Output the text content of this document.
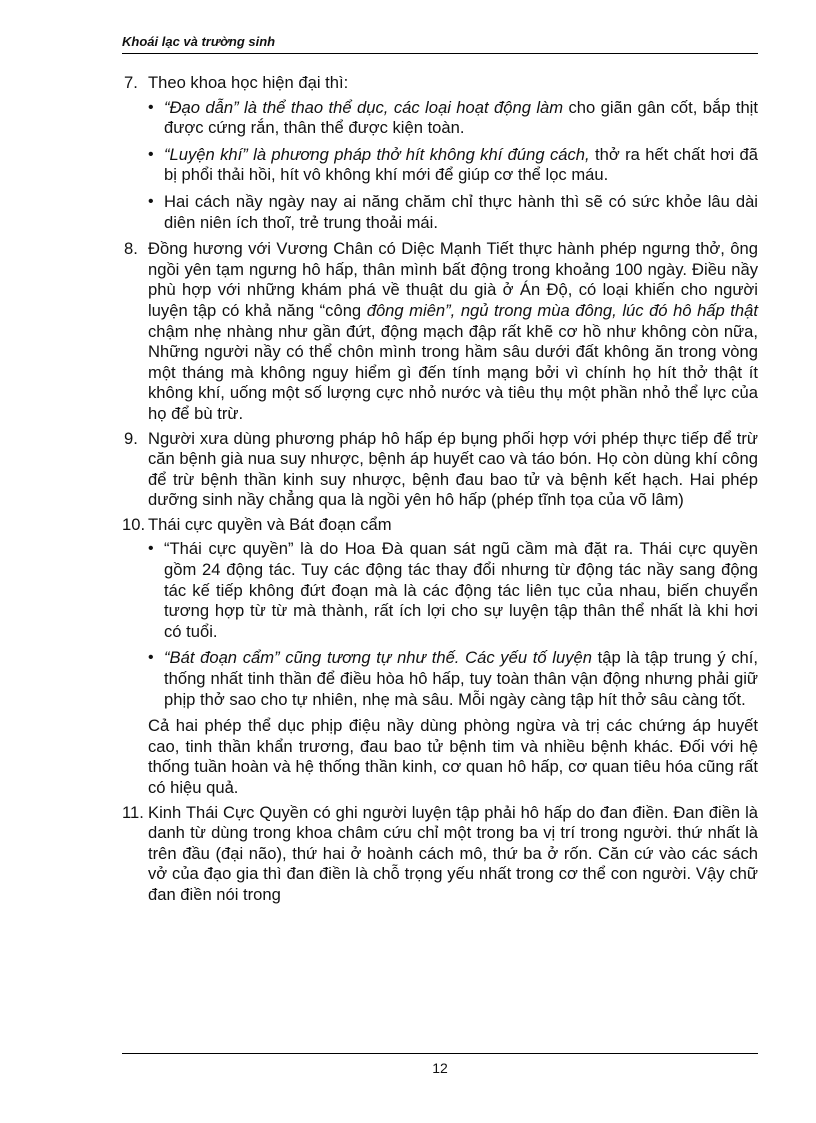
Khoái lạc và trường sinh
7. Theo khoa học hiện đại thì:
• “Đạo dẫn” là thể thao thể dục, các loại hoạt động làm cho giãn gân cốt, bắp thịt được cứng rắn, thân thể được kiện toàn.
• “Luyện khí” là phương pháp thở hít không khí đúng cách, thở ra hết chất hơi đã bị phổi thải hồi, hít vô không khí mới để giúp cơ thể lọc máu.
• Hai cách nầy ngày nay ai năng chăm chỉ thực hành thì sẽ có sức khỏe lâu dài diên niên ích thoĩ, trẻ trung thoải mái.
8. Đồng hương với Vương Chân có Diệc Mạnh Tiết thực hành phép ngưng thở, ông ngồi yên tạm ngưng hô hấp, thân mình bất động trong khoảng 100 ngày. Điều nầy phù hợp với những khám phá về thuật du già ở Án Độ, có loại khiến cho người luyện tập có khả năng “công đông miên”, ngủ trong mùa đông, lúc đó hô hấp thật chậm nhẹ nhàng như gần đứt, động mạch đập rất khẽ cơ hồ như không còn nữa, Những người nầy có thể chôn mình trong hầm sâu dưới đất không ăn trong vòng một tháng mà không nguy hiểm gì đến tính mạng bởi vì chính họ hít thở thật ít không khí, uống một số lượng cực nhỏ nước và tiêu thụ một phần nhỏ thể lực của họ để bù trừ.
9. Người xưa dùng phương pháp hô hấp ép bụng phối hợp với phép thực tiếp để trừ căn bệnh già nua suy nhược, bệnh áp huyết cao và táo bón. Họ còn dùng khí công để trừ bệnh thần kinh suy nhược, bệnh đau bao tử và bệnh kết hạch. Hai phép dưỡng sinh nầy chẳng qua là ngồi yên hô hấp (phép tĩnh tọa của võ lâm)
10. Thái cực quyền và Bát đoạn cẩm
• “Thái cực quyền” là do Hoa Đà quan sát ngũ cầm mà đặt ra. Thái cực quyền gồm 24 động tác. Tuy các động tác thay đổi nhưng từ động tác nầy sang động tác kế tiếp không đứt đoạn mà là các động tác liên tục của nhau, biến chuyển tương hợp từ từ mà thành, rất ích lợi cho sự luyện tập thân thể nhất là khi hơi có tuổi.
• “Bát đoạn cẩm” cũng tương tự như thế. Các yếu tố luyện tập là tập trung ý chí, thống nhất tinh thần để điều hòa hô hấp, tuy toàn thân vận động nhưng phải giữ phịp thở sao cho tự nhiên, nhẹ mà sâu. Mỗi ngày càng tập hít thở sâu càng tốt.
Cả hai phép thể dục phịp điệu nầy dùng phòng ngừa và trị các chứng áp huyết cao, tinh thần khẩn trương, đau bao tử bệnh tim và nhiều bệnh khác. Đối với hệ thống tuần hoàn và hệ thống thần kinh, cơ quan hô hấp, cơ quan tiêu hóa cũng rất có hiệu quả.
11. Kinh Thái Cực Quyền có ghi người luyện tập phải hô hấp do đan điền. Đan điền là danh từ dùng trong khoa châm cứu chỉ một trong ba vị trí trong người. thứ nhất là trên đầu (đại não), thứ hai ở hoành cách mô, thứ ba ở rốn. Căn cứ vào các sách vở của đạo gia thì đan điền là chỗ trọng yếu nhất trong cơ thể con người. Vậy chữ đan điền nói trong
12
